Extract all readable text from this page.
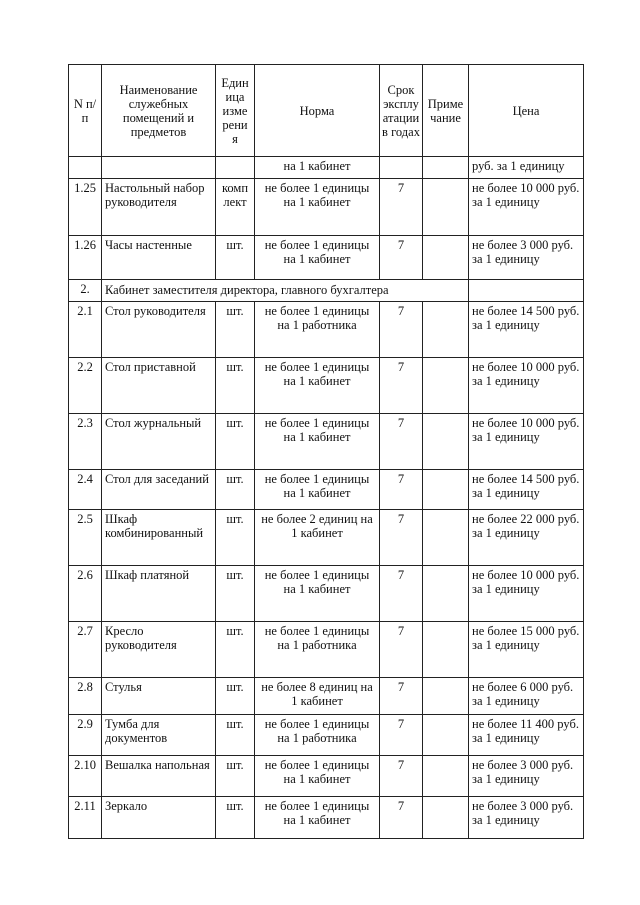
N п/п	Наименование служебных помещений и предметов	Един ица изме рени я	Норма	Срок эксплу атации в годах	Приме чание	Цена
			на 1 кабинет			руб. за 1 единицу
1.25	Настольный набор руководителя	комп лект	не более 1 единицы на 1 кабинет	7		не более 10 000 руб. за 1 единицу
1.26	Часы настенные	шт.	не более 1 единицы на 1 кабинет	7		не более 3 000 руб. за 1 единицу
2.	Кабинет заместителя директора, главного бухгалтера					
2.1	Стол руководителя	шт.	не более 1 единицы на 1 работника	7		не более 14 500 руб. за 1 единицу
2.2	Стол приставной	шт.	не более 1 единицы на 1 кабинет	7		не более 10 000 руб. за 1 единицу
2.3	Стол журнальный	шт.	не более 1 единицы на 1 кабинет	7		не более 10 000 руб. за 1 единицу
2.4	Стол для заседаний	шт.	не более 1 единицы на 1 кабинет	7		не более 14 500 руб. за 1 единицу
2.5	Шкаф комбинированный	шт.	не более 2 единиц на 1 кабинет	7		не более 22 000 руб. за 1 единицу
2.6	Шкаф платяной	шт.	не более 1 единицы на 1 кабинет	7		не более 10 000 руб. за 1 единицу
2.7	Кресло руководителя	шт.	не более 1 единицы на 1 работника	7		не более 15 000 руб. за 1 единицу
2.8	Стулья	шт.	не более 8 единиц на 1 кабинет	7		не более 6 000 руб. за 1 единицу
2.9	Тумба для документов	шт.	не более 1 единицы на 1 работника	7		не более 11 400 руб. за 1 единицу
2.10	Вешалка напольная	шт.	не более 1 единицы на 1 кабинет	7		не более 3 000 руб. за 1 единицу
2.11	Зеркало	шт.	не более 1 единицы на 1 кабинет	7		не более 3 000 руб. за 1 единицу
